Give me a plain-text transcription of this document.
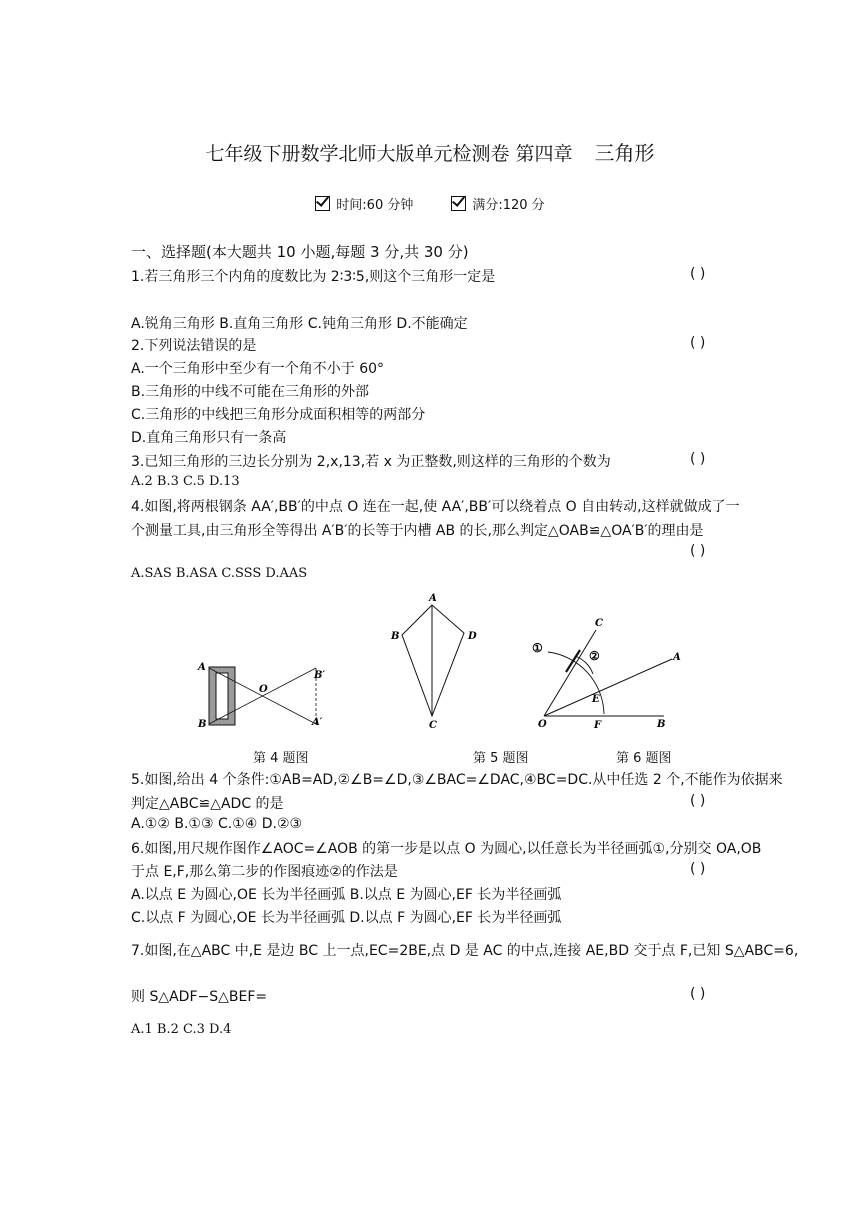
七年级下册数学北师大版单元检测卷 第四章 三角形
时间:60 分钟	满分:120 分
一、选择题(本大题共 10 小题,每题 3 分,共 30 分)
1.若三角形三个内角的度数比为 2∶3∶5,则这个三角形一定是	( )
A.锐角三角形 B.直角三角形 C.钝角三角形 D.不能确定
2.下列说法错误的是	( )
A.一个三角形中至少有一个角不小于 60°
B.三角形的中线不可能在三角形的外部
C.三角形的中线把三角形分成面积相等的两部分
D.直角三角形只有一条高
3.已知三角形的三边长分别为 2,x,13,若 x 为正整数,则这样的三角形的个数为	( )
A.2 B.3 C.5 D.13
4.如图,将两根钢条 AA′,BB′的中点 O 连在一起,使 AA′,BB′可以绕着点 O 自由转动,这样就做成了一
个测量工具,由三角形全等得出 A′B′的长等于内槽 AB 的长,那么判定△OAB≌△OA′B′的理由是
( )
A.SAS B.ASA C.SSS D.AAS
A
B
O
B′
A′
A
B
C
D
①
②
C
A
E
O	F	B
第 4 题图	第 5 题图	第 6 题图
5.如图,给出 4 个条件:①AB=AD,②∠B=∠D,③∠BAC=∠DAC,④BC=DC.从中任选 2 个,不能作为依据来
判定△ABC≌△ADC 的是	( )
A.①② B.①③ C.①④ D.②③
6.如图,用尺规作图作∠AOC=∠AOB 的第一步是以点 O 为圆心,以任意长为半径画弧①,分别交 OA,OB
于点 E,F,那么第二步的作图痕迹②的作法是	( )
A.以点 E 为圆心,OE 长为半径画弧 B.以点 E 为圆心,EF 长为半径画弧
C.以点 F 为圆心,OE 长为半径画弧 D.以点 F 为圆心,EF 长为半径画弧
7.如图,在△ABC 中,E 是边 BC 上一点,EC=2BE,点 D 是 AC 的中点,连接 AE,BD 交于点 F,已知 S△ABC=6,
则 S△ADF−S△BEF=	( )
A.1 B.2 C.3 D.4
